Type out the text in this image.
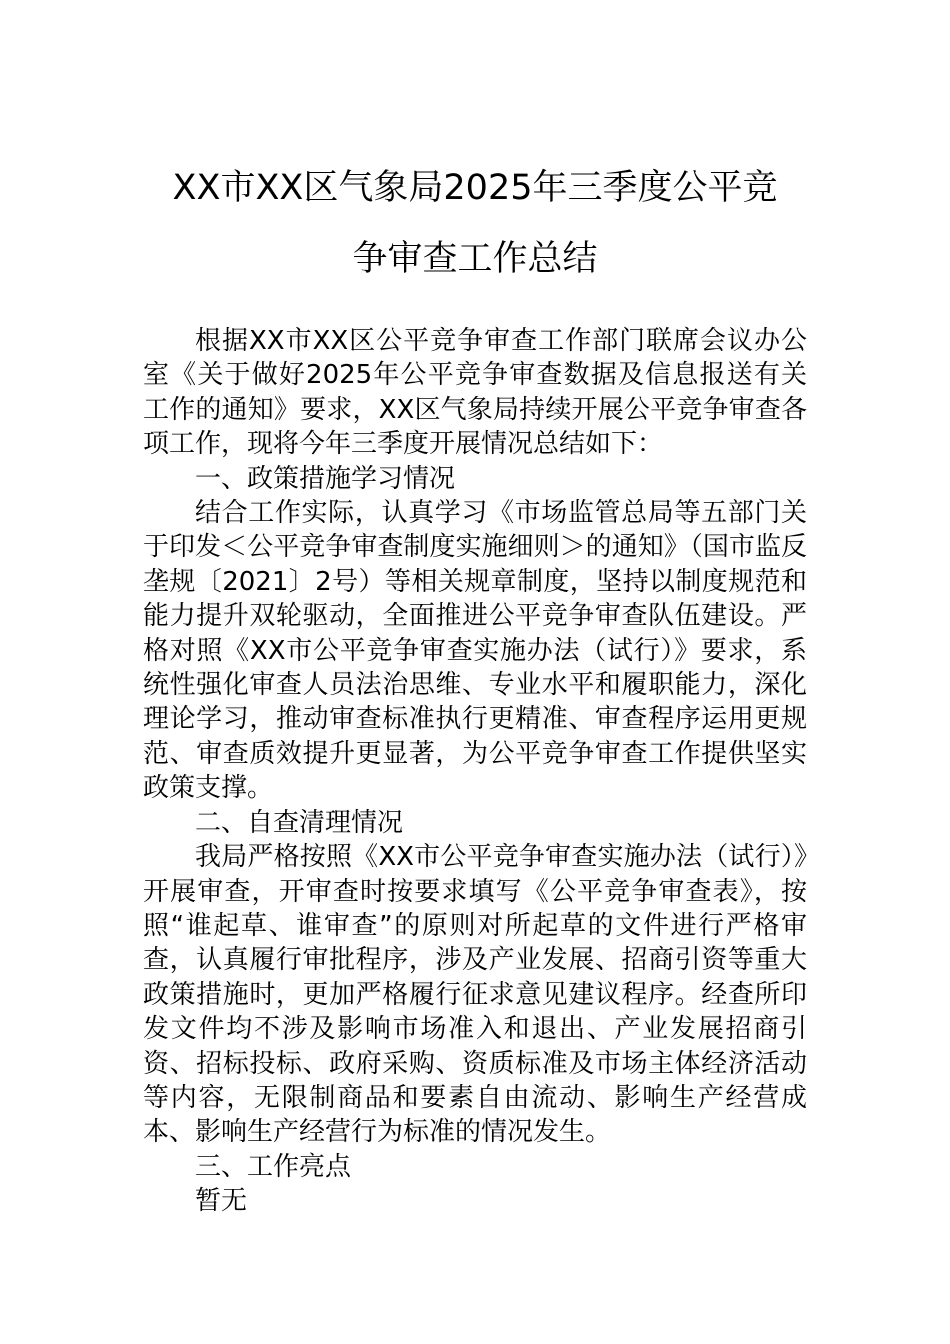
XX市XX区气象局2025年三季度公平竞
争审查工作总结

根据XX市XX区公平竞争审查工作部门联席会议办公室《关于做好2025年公平竞争审查数据及信息报送有关工作的通知》要求，XX区气象局持续开展公平竞争审查各项工作，现将今年三季度开展情况总结如下：

一、政策措施学习情况

结合工作实际，认真学习《市场监管总局等五部门关于印发＜公平竞争审查制度实施细则＞的通知》（国市监反垄规〔2021〕2号）等相关规章制度，坚持以制度规范和能力提升双轮驱动，全面推进公平竞争审查队伍建设。严格对照《XX市公平竞争审查实施办法（试行）》要求，系统性强化审查人员法治思维、专业水平和履职能力，深化理论学习，推动审查标准执行更精准、审查程序运用更规范、审查质效提升更显著，为公平竞争审查工作提供坚实政策支撑。

二、自查清理情况

我局严格按照《XX市公平竞争审查实施办法（试行）》开展审查，开审查时按要求填写《公平竞争审查表》，按照“谁起草、谁审查”的原则对所起草的文件进行严格审查，认真履行审批程序，涉及产业发展、招商引资等重大政策措施时，更加严格履行征求意见建议程序。经查所印发文件均不涉及影响市场准入和退出、产业发展招商引资、招标投标、政府采购、资质标准及市场主体经济活动等内容，无限制商品和要素自由流动、影响生产经营成本、影响生产经营行为标准的情况发生。

三、工作亮点

暂无
